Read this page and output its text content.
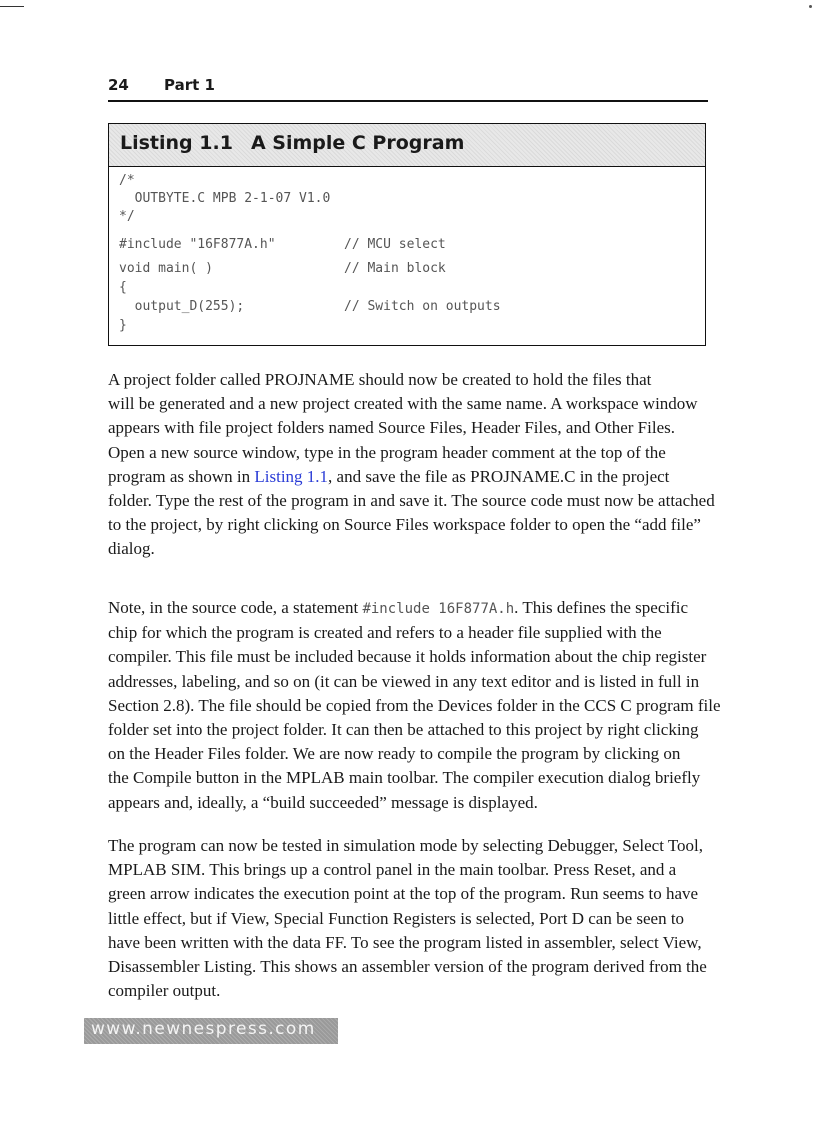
24 Part 1
Listing 1.1 A Simple C Program
/*
OUTBYTE.C MPB 2-1-07 V1.0
*/
#include "16F877A.h"	// MCU select
void main( )	// Main block
{
output_D(255);	// Switch on outputs
}
A project folder called PROJNAME should now be created to hold the files that
will be generated and a new project created with the same name. A workspace window
appears with file project folders named Source Files, Header Files, and Other Files.
Open a new source window, type in the program header comment at the top of the
program as shown in Listing 1.1, and save the file as PROJNAME.C in the project
folder. Type the rest of the program in and save it. The source code must now be attached
to the project, by right clicking on Source Files workspace folder to open the “add file”
dialog.
Note, in the source code, a statement #include 16F877A.h. This defines the specific
chip for which the program is created and refers to a header file supplied with the
compiler. This file must be included because it holds information about the chip register
addresses, labeling, and so on (it can be viewed in any text editor and is listed in full in
Section 2.8). The file should be copied from the Devices folder in the CCS C program file
folder set into the project folder. It can then be attached to this project by right clicking
on the Header Files folder. We are now ready to compile the program by clicking on
the Compile button in the MPLAB main toolbar. The compiler execution dialog briefly
appears and, ideally, a “build succeeded” message is displayed.
The program can now be tested in simulation mode by selecting Debugger, Select Tool,
MPLAB SIM. This brings up a control panel in the main toolbar. Press Reset, and a
green arrow indicates the execution point at the top of the program. Run seems to have
little effect, but if View, Special Function Registers is selected, Port D can be seen to
have been written with the data FF. To see the program listed in assembler, select View,
Disassembler Listing. This shows an assembler version of the program derived from the
compiler output.
www.newnespress.com
